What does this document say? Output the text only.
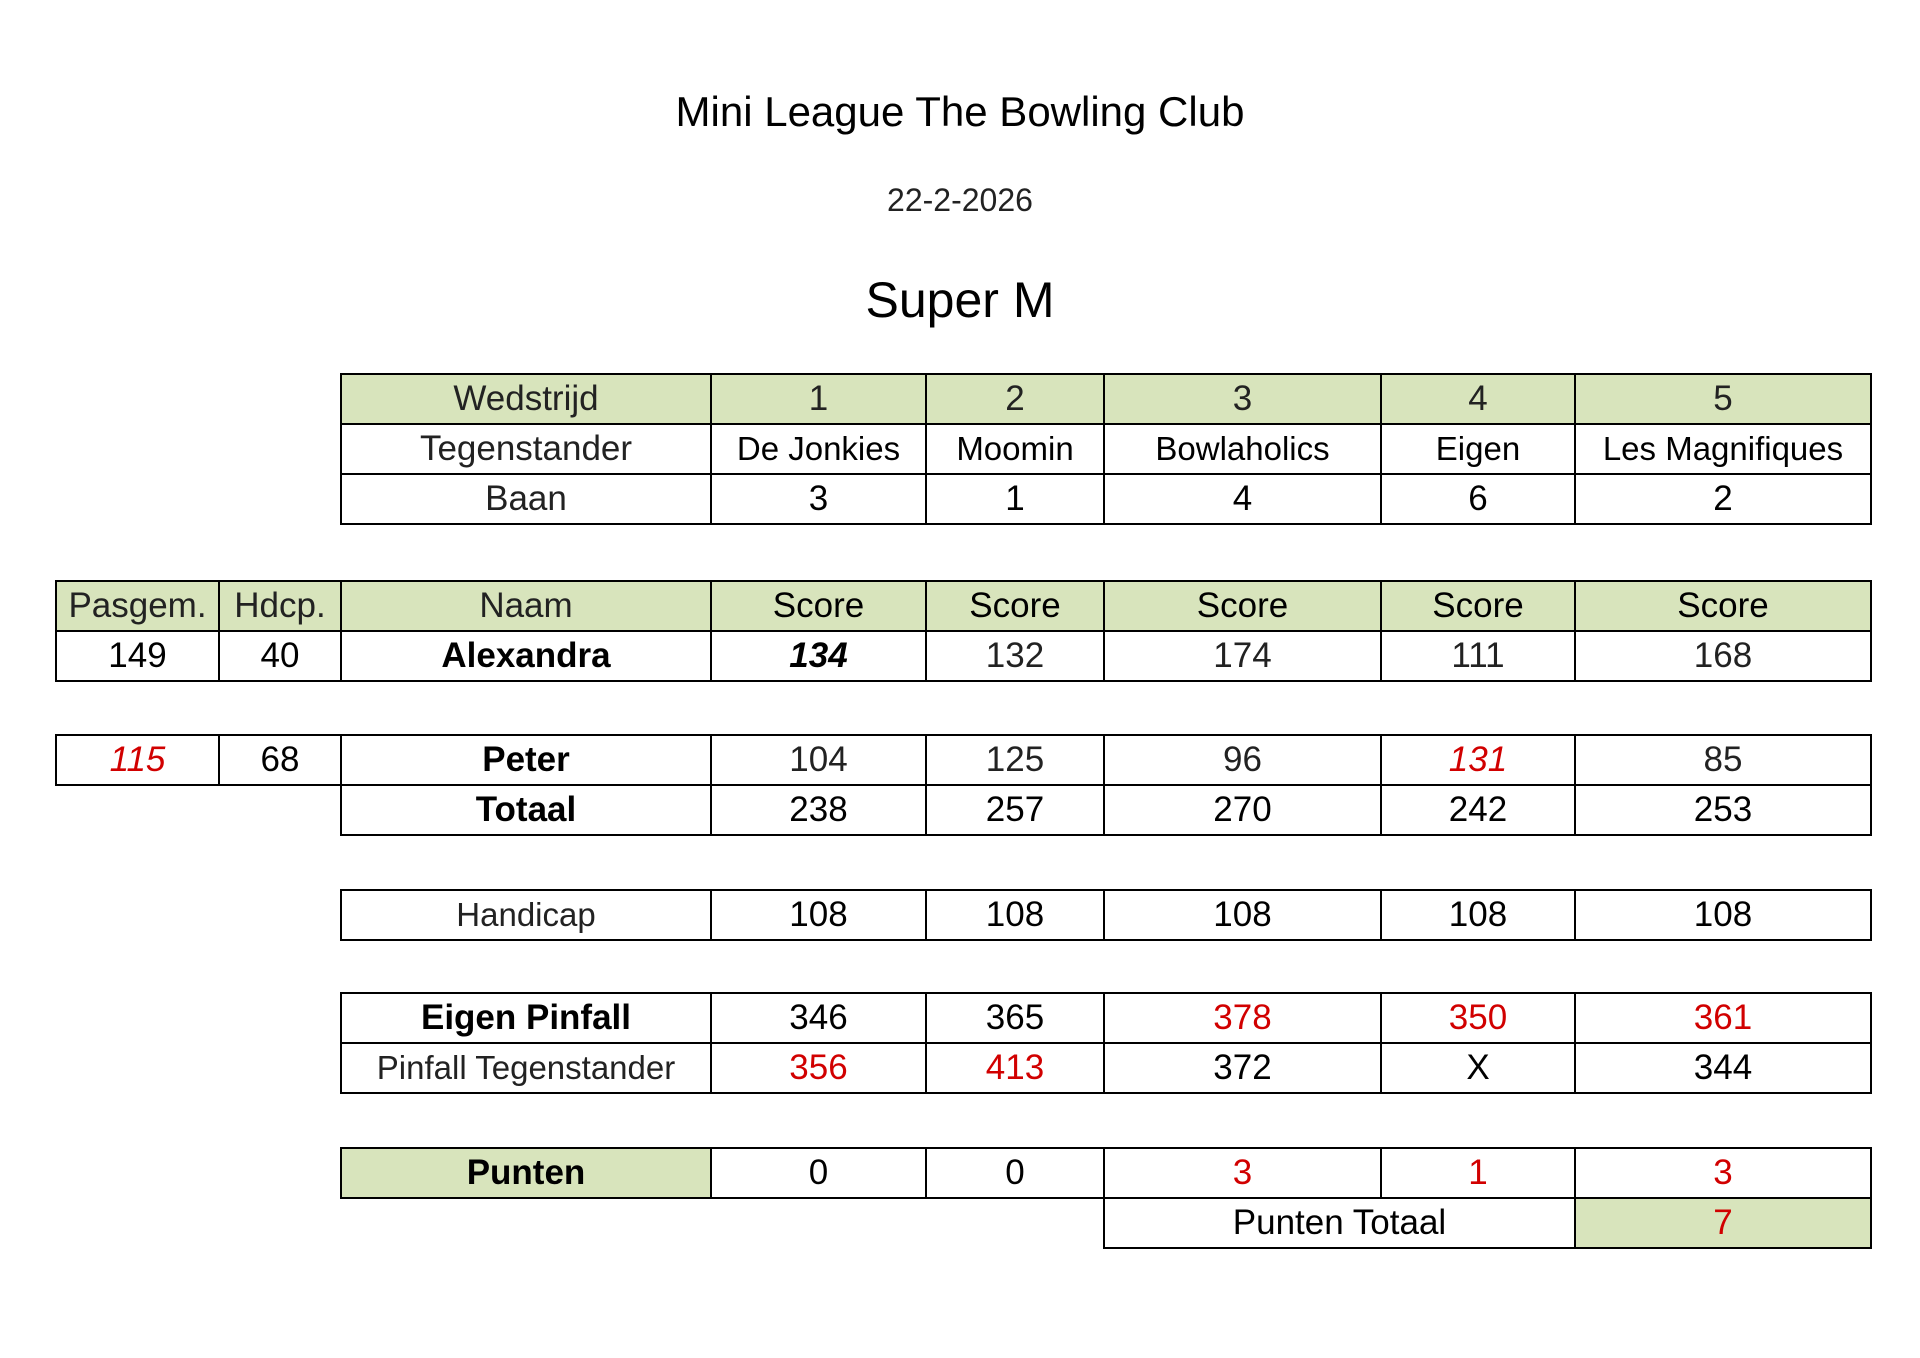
Mini League The Bowling Club
22-2-2026
Super M
Wedstrijd	1	2	3	4	5
Tegenstander	De Jonkies	Moomin	Bowlaholics	Eigen	Les Magnifiques
Baan	3	1	4	6	2
Pasgem.	Hdcp.	Naam	Score	Score	Score	Score	Score
149	40	Alexandra	134	132	174	111	168
115	68	Peter	104	125	96	131	85
		Totaal	238	257	270	242	253
Handicap	108	108	108	108	108
Eigen Pinfall	346	365	378	350	361
Pinfall Tegenstander	356	413	372	X	344
Punten	0	0	3	1	3
			Punten Totaal		7
